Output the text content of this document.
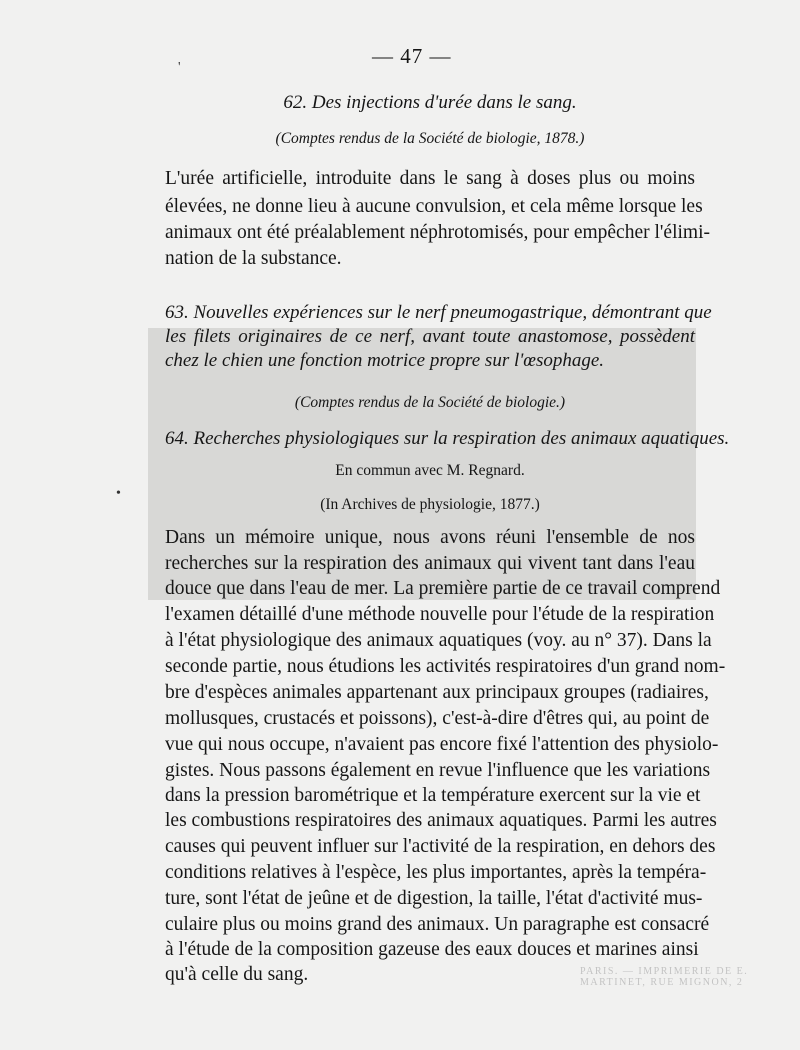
— 47 —
'
•
62. Des injections d'urée dans le sang.
(Comptes rendus de la Société de biologie, 1878.)
L'urée artificielle, introduite dans le sang à doses plus ou moins
élevées, ne donne lieu à aucune convulsion, et cela même lorsque les
animaux ont été préalablement néphrotomisés, pour empêcher l'élimi-
nation de la substance.
63. Nouvelles expériences sur le nerf pneumogastrique, démontrant que
les filets originaires de ce nerf, avant toute anastomose, possèdent
chez le chien une fonction motrice propre sur l'œsophage.
(Comptes rendus de la Société de biologie.)
64. Recherches physiologiques sur la respiration des animaux aquatiques.
En commun avec M. Regnard.
(In Archives de physiologie, 1877.)
Dans un mémoire unique, nous avons réuni l'ensemble de nos
recherches sur la respiration des animaux qui vivent tant dans l'eau
douce que dans l'eau de mer. La première partie de ce travail comprend
l'examen détaillé d'une méthode nouvelle pour l'étude de la respiration
à l'état physiologique des animaux aquatiques (voy. au n° 37). Dans la
seconde partie, nous étudions les activités respiratoires d'un grand nom-
bre d'espèces animales appartenant aux principaux groupes (radiaires,
mollusques, crustacés et poissons), c'est-à-dire d'êtres qui, au point de
vue qui nous occupe, n'avaient pas encore fixé l'attention des physiolo-
gistes. Nous passons également en revue l'influence que les variations
dans la pression barométrique et la température exercent sur la vie et
les combustions respiratoires des animaux aquatiques. Parmi les autres
causes qui peuvent influer sur l'activité de la respiration, en dehors des
conditions relatives à l'espèce, les plus importantes, après la tempéra-
ture, sont l'état de jeûne et de digestion, la taille, l'état d'activité mus-
culaire plus ou moins grand des animaux. Un paragraphe est consacré
à l'étude de la composition gazeuse des eaux douces et marines ainsi
qu'à celle du sang.	PARIS. — IMPRIMERIE DE E. MARTINET, RUE MIGNON, 2
